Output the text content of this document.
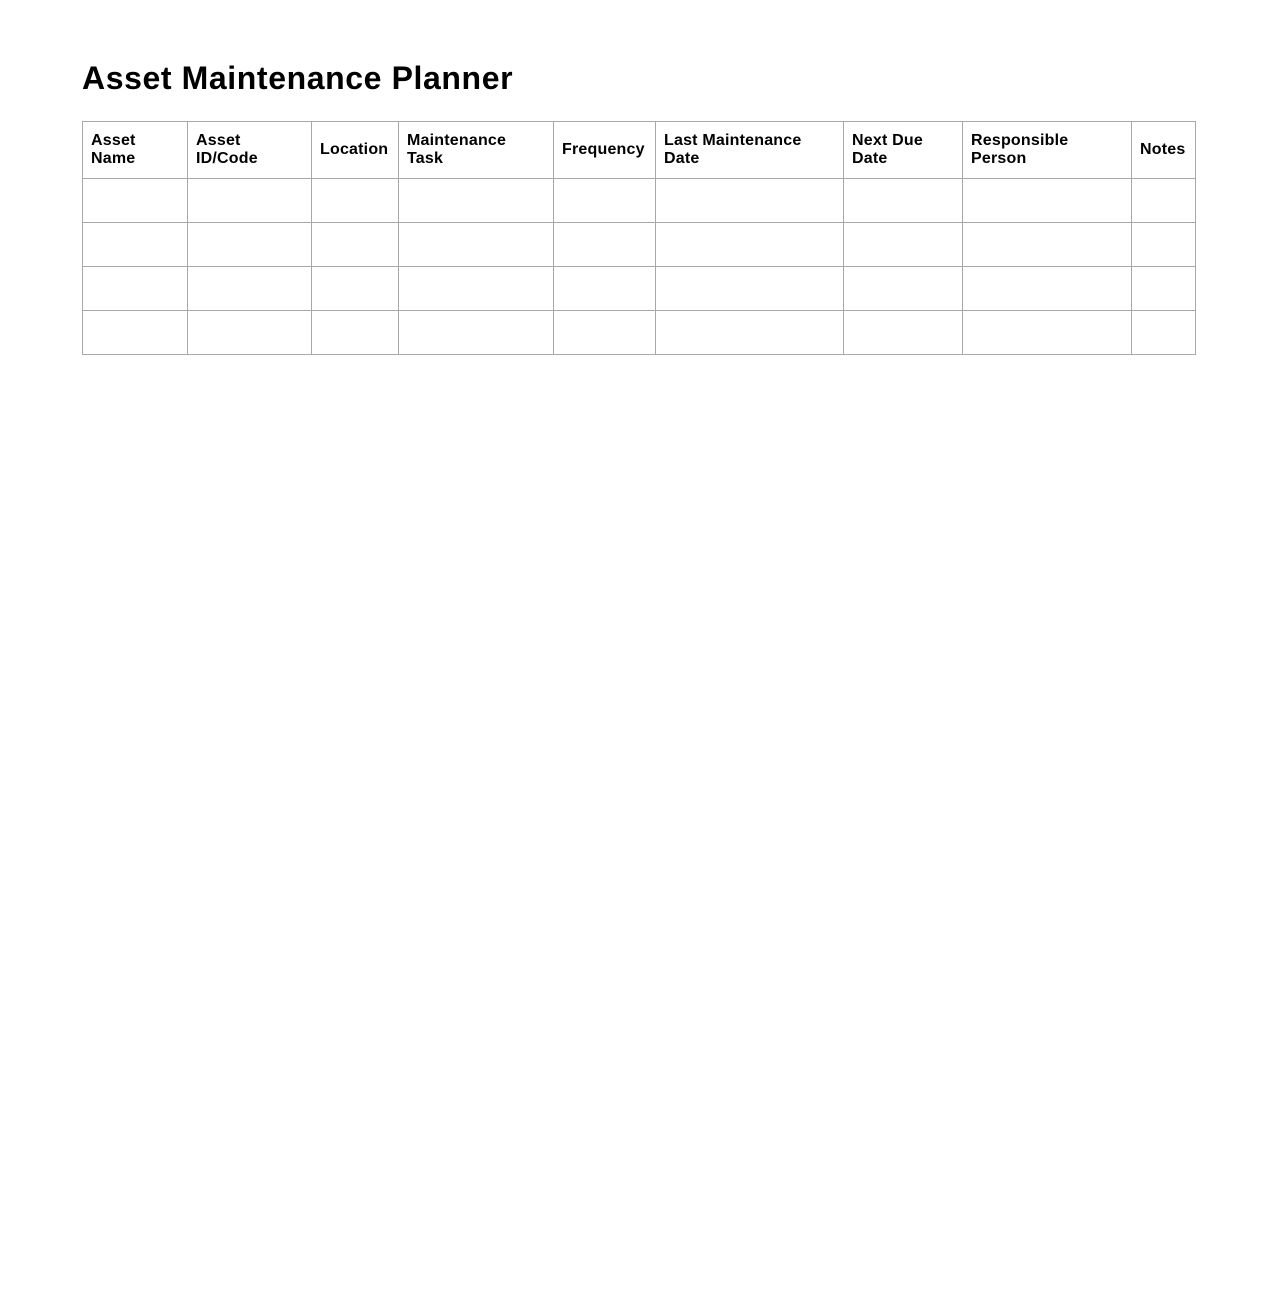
Asset Maintenance Planner
Asset Name	Asset ID/Code	Location	Maintenance Task	Frequency	Last Maintenance Date	Next Due Date	Responsible Person	Notes
